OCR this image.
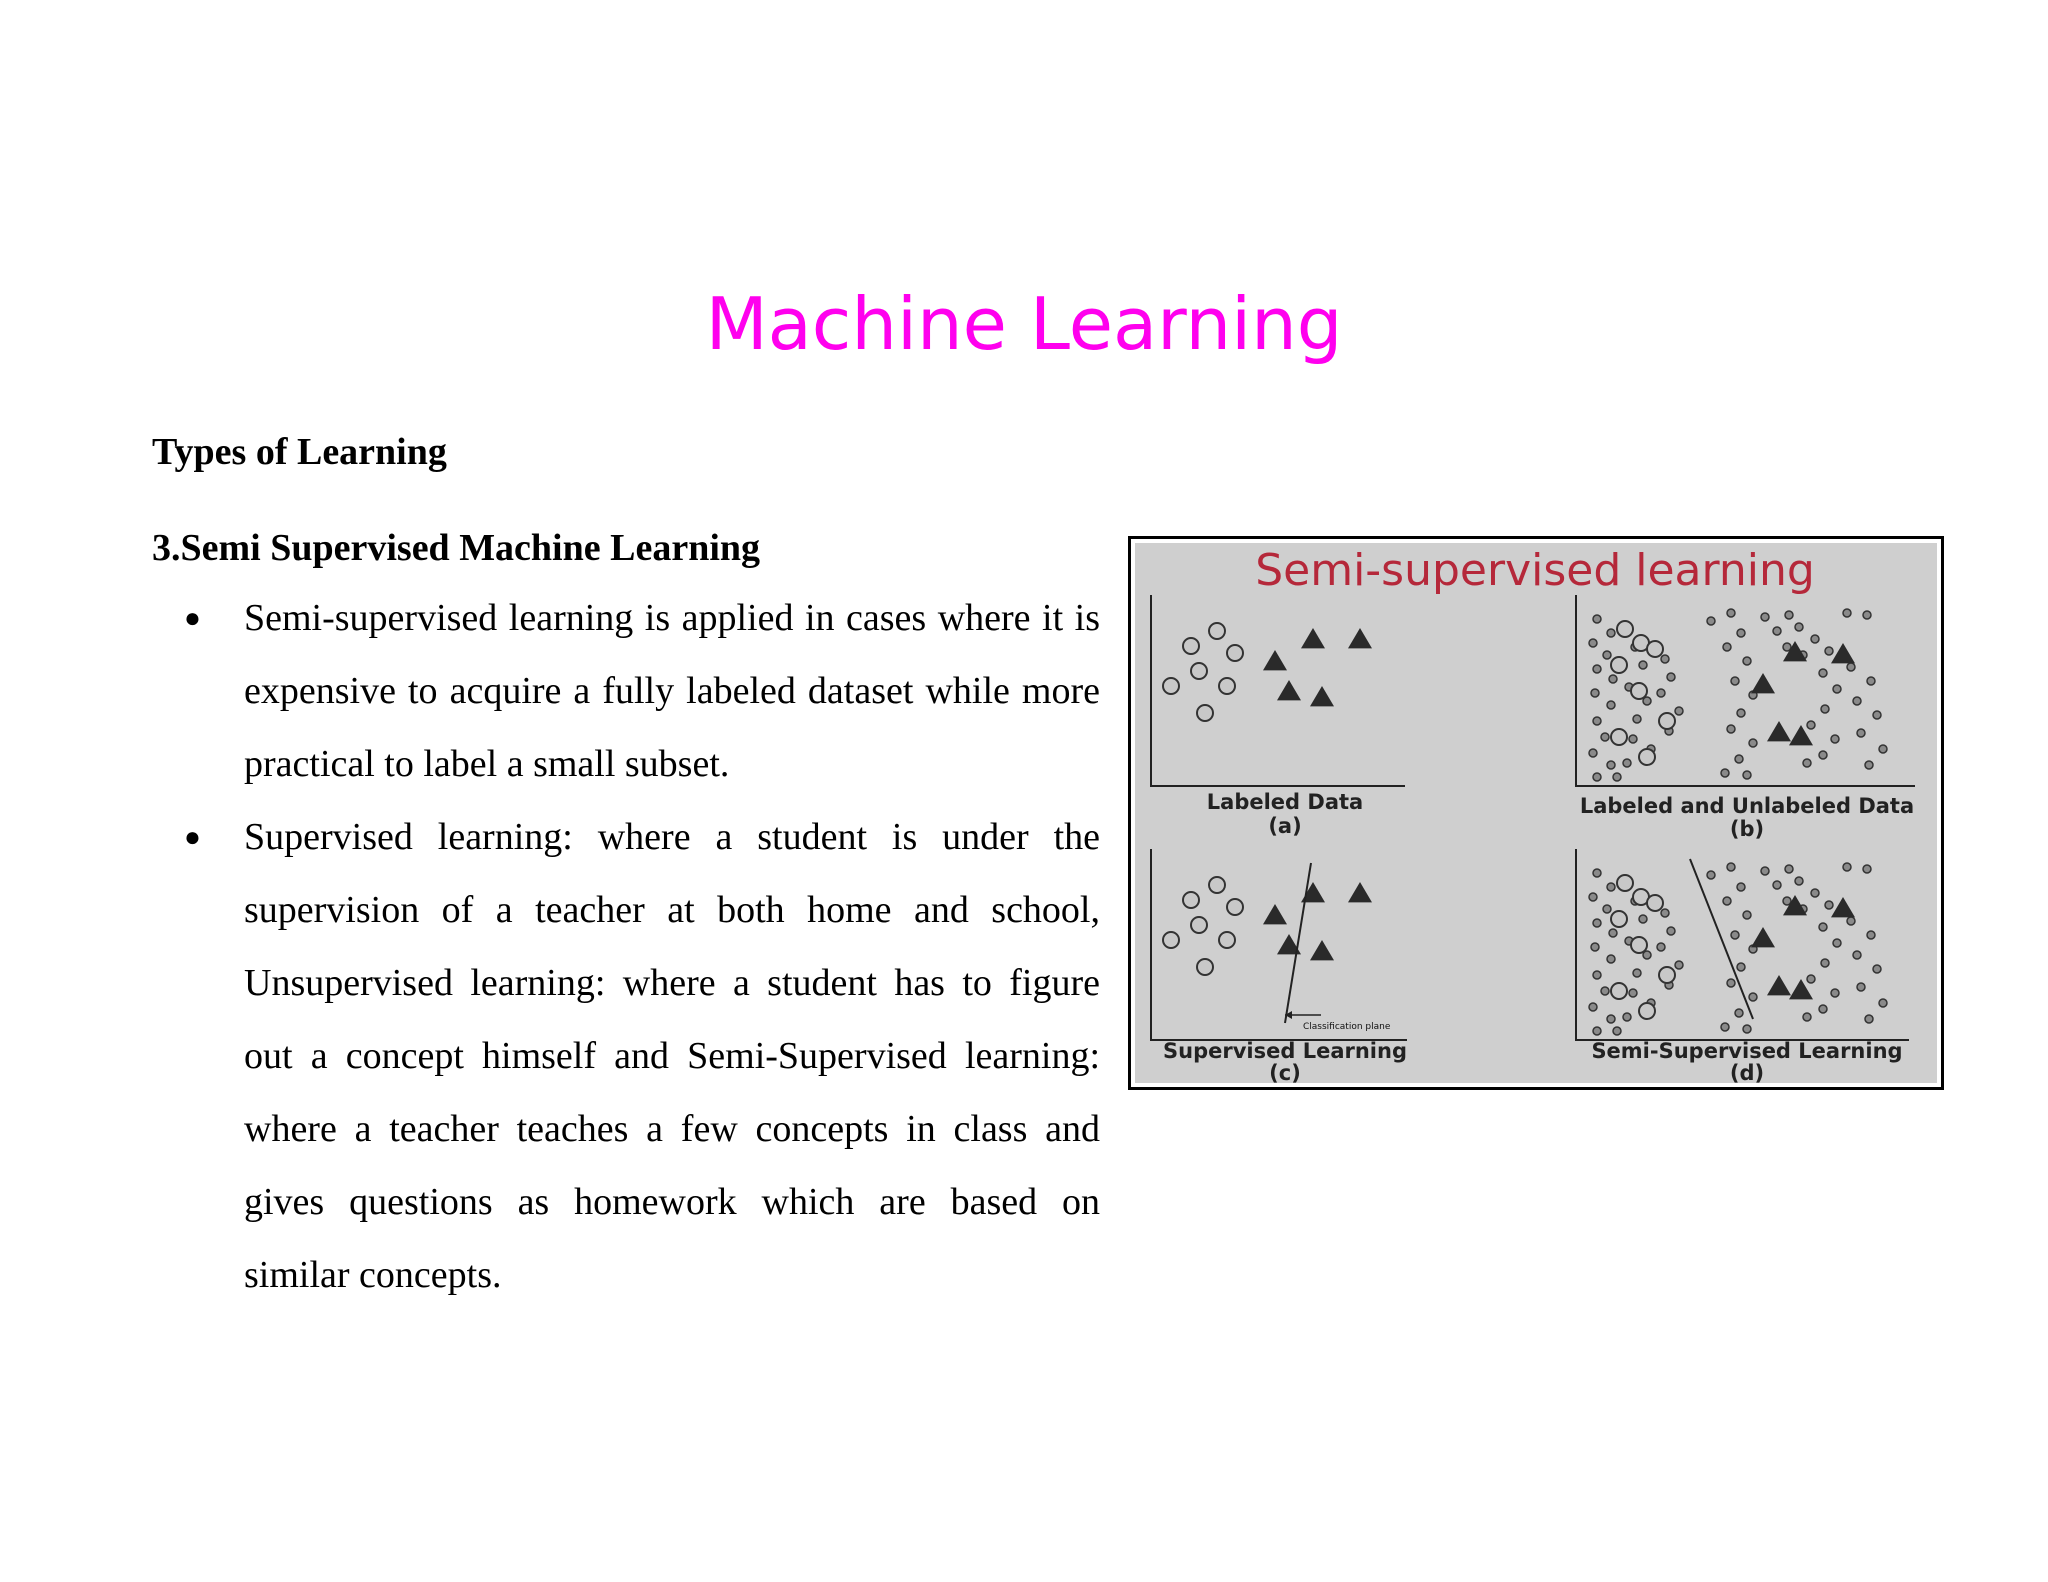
Machine Learning
Types of Learning
3.Semi Supervised Machine Learning
● Semi-supervised learning is applied in cases where it is expensive to acquire a fully labeled dataset while more practical to label a small subset.
● Supervised learning: where a student is under the supervision of a teacher at both home and school, Unsupervised learning: where a student has to figure out a concept himself and Semi-Supervised learning: where a teacher teaches a few concepts in class and gives questions as homework which are based on similar concepts.
Semi-supervised learning
Classification plane
Labeled Data
(a)
Labeled and Unlabeled Data
(b)
Supervised Learning
(c)
Semi-Supervised Learning
(d)
